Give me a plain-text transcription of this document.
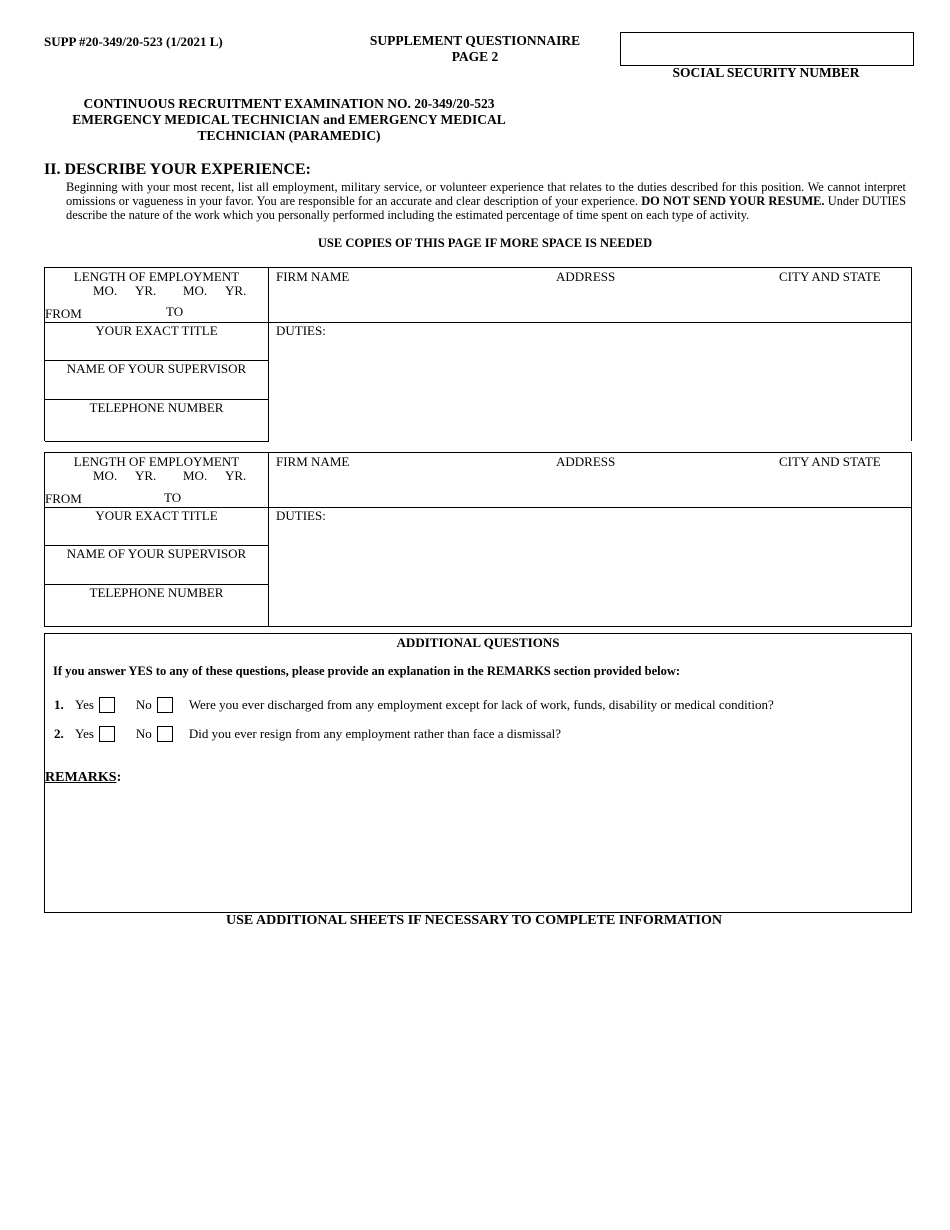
SUPP #20-349/20-523 (1/2021 L)	SUPPLEMENT QUESTIONNAIRE
PAGE 2
SOCIAL SECURITY NUMBER
CONTINUOUS RECRUITMENT EXAMINATION NO. 20-349/20-523
EMERGENCY MEDICAL TECHNICIAN and EMERGENCY MEDICAL
TECHNICIAN (PARAMEDIC)
II. DESCRIBE YOUR EXPERIENCE:
Beginning with your most recent, list all employment, military service, or volunteer experience that relates to the duties described for this position. We cannot interpret omissions or vagueness in your favor. You are responsible for an accurate and clear description of your experience. DO NOT SEND YOUR RESUME. Under DUTIES describe the nature of the work which you personally performed including the estimated percentage of time spent on each type of activity.
USE COPIES OF THIS PAGE IF MORE SPACE IS NEEDED
LENGTH OF EMPLOYMENT
MO. YR. MO. YR.
FROM	TO
FIRM NAME	ADDRESS	CITY AND STATE
YOUR EXACT TITLE	DUTIES:
NAME OF YOUR SUPERVISOR
TELEPHONE NUMBER
LENGTH OF EMPLOYMENT
MO. YR. MO. YR.
FROM	TO
FIRM NAME	ADDRESS	CITY AND STATE
YOUR EXACT TITLE	DUTIES:
NAME OF YOUR SUPERVISOR
TELEPHONE NUMBER
ADDITIONAL QUESTIONS
If you answer YES to any of these questions, please provide an explanation in the REMARKS section provided below:
1. Yes	No	Were you ever discharged from any employment except for lack of work, funds, disability or medical condition?
2. Yes	No	Did you ever resign from any employment rather than face a dismissal?
REMARKS:
USE ADDITIONAL SHEETS IF NECESSARY TO COMPLETE INFORMATION
